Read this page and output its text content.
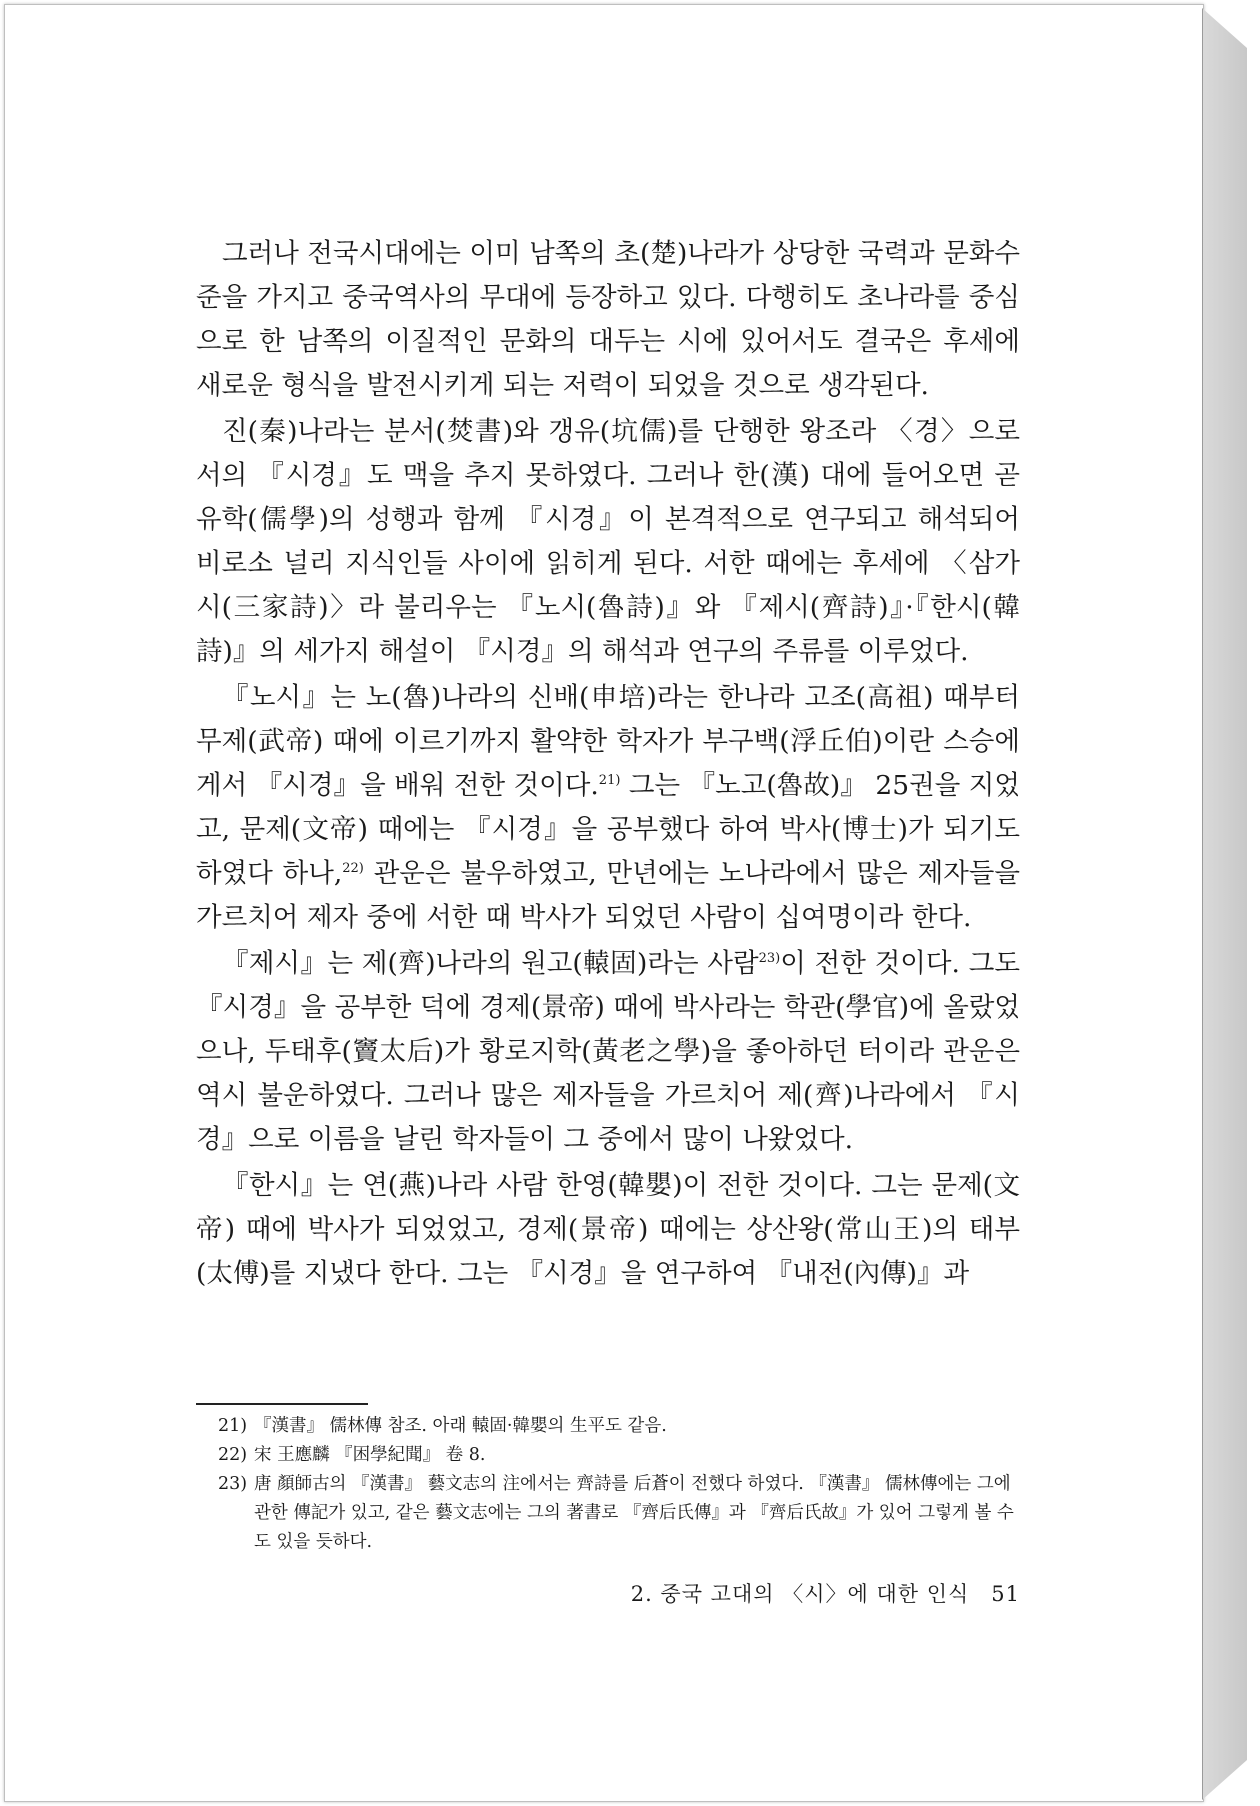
그러나 전국시대에는 이미 남쪽의 초(楚)나라가 상당한 국력과 문화수준을 가지고 중국역사의 무대에 등장하고 있다. 다행히도 초나라를 중심으로 한 남쪽의 이질적인 문화의 대두는 시에 있어서도 결국은 후세에 새로운 형식을 발전시키게 되는 저력이 되었을 것으로 생각된다.

진(秦)나라는 분서(焚書)와 갱유(坑儒)를 단행한 왕조라 〈경〉으로서의 『시경』도 맥을 추지 못하였다. 그러나 한(漢) 대에 들어오면 곧 유학(儒學)의 성행과 함께 『시경』이 본격적으로 연구되고 해석되어 비로소 널리 지식인들 사이에 읽히게 된다. 서한 때에는 후세에 〈삼가시(三家詩)〉라 불리우는 『노시(魯詩)』와 『제시(齊詩)』·『한시(韓詩)』의 세가지 해설이 『시경』의 해석과 연구의 주류를 이루었다.

『노시』는 노(魯)나라의 신배(申培)라는 한나라 고조(高祖) 때부터 무제(武帝) 때에 이르기까지 활약한 학자가 부구백(浮丘伯)이란 스승에게서 『시경』을 배워 전한 것이다.$^{21)}$ 그는 『노고(魯故)』 25권을 지었고, 문제(文帝) 때에는 『시경』을 공부했다 하여 박사(博士)가 되기도 하였다 하나,$^{22)}$ 관운은 불우하였고, 만년에는 노나라에서 많은 제자들을 가르치어 제자 중에 서한 때 박사가 되었던 사람이 십여명이라 한다.

『제시』는 제(齊)나라의 원고(轅固)라는 사람$^{23)}$이 전한 것이다. 그도 『시경』을 공부한 덕에 경제(景帝) 때에 박사라는 학관(學官)에 올랐었으나, 두태후(竇太后)가 황로지학(黃老之學)을 좋아하던 터이라 관운은 역시 불운하였다. 그러나 많은 제자들을 가르치어 제(齊)나라에서 『시경』으로 이름을 날린 학자들이 그 중에서 많이 나왔었다.

『한시』는 연(燕)나라 사람 한영(韓嬰)이 전한 것이다. 그는 문제(文帝) 때에 박사가 되었었고, 경제(景帝) 때에는 상산왕(常山王)의 태부(太傅)를 지냈다 한다. 그는 『시경』을 연구하여 『내전(內傳)』과

21) 『漢書』 儒林傳 참조. 아래 轅固·韓嬰의 生平도 같음.
22) 宋 王應麟 『困學紀聞』 卷 8.
23) 唐 顏師古의 『漢書』 藝文志의 注에서는 齊詩를 后蒼이 전했다 하였다. 『漢書』 儒林傳에는 그에 관한 傳記가 있고, 같은 藝文志에는 그의 著書로 『齊后氏傳』과 『齊后氏故』가 있어 그렇게 볼 수도 있을 듯하다.
2. 중국 고대의 〈시〉에 대한 인식 51
